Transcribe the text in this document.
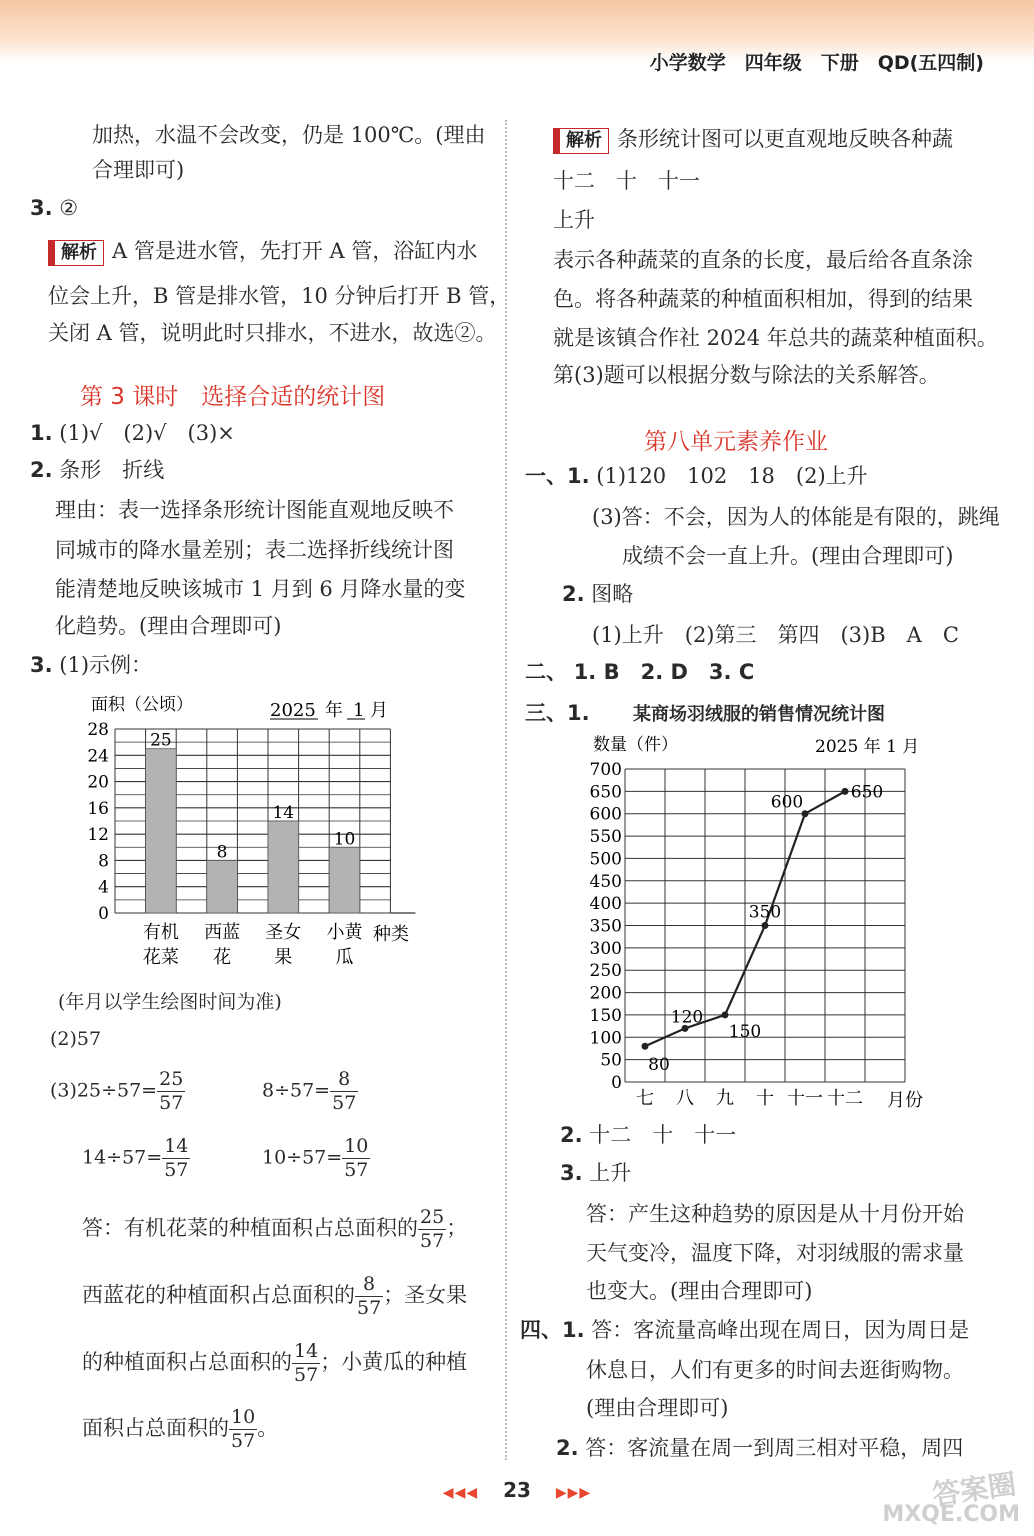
小学数学　四年级　下册　QD(五四制)
加热，水温不会改变，仍是 100℃。(理由
合理即可)
3. ②
解析 A 管是进水管，先打开 A 管，浴缸内水
位会上升，B 管是排水管，10 分钟后打开 B 管，
关闭 A 管，说明此时只排水，不进水，故选②。
第 3 课时　选择合适的统计图
1. (1)√　(2)√　(3)×
2. 条形　折线
理由：表一选择条形统计图能直观地反映不
同城市的降水量差别；表二选择折线统计图
能清楚地反映该城市 1 月到 6 月降水量的变
化趋势。(理由合理即可)
3. (1)示例：
0
4
8
12
16
20
24
28
25
有机
花菜
8
西蓝
花
14
圣女
果
10
小黄
瓜
面积（公顷）	2025 年 1 月
种类
(年月以学生绘图时间为准)
(2)57
$(3)25\div 57= \frac{25}{57}$	$8\div 57= \frac{8}{57}$
$14\div 57= \frac{14}{57}$	$10\div 57= \frac{10}{57}$
答：有机花菜的种植面积占总面积的 $\frac{25}{57}$ ；
西蓝花的种植面积占总面积的 $\frac{8}{57}$ ；圣女果
的种植面积占总面积的 $\frac{14}{57}$ ；小黄瓜的种植
面积占总面积的 $\frac{10}{57}$ 。
解析 条形统计图可以更直观地反映各种蔬
十二　十　十一
上升
表示各种蔬菜的直条的长度，最后给各直条涂
色。将各种蔬菜的种植面积相加，得到的结果
就是该镇合作社 2024 年总共的蔬菜种植面积。
第(3)题可以根据分数与除法的关系解答。
第八单元素养作业
一、1. (1)120　102　18　(2)上升
(3)答：不会，因为人的体能是有限的，跳绳
成绩不会一直上升。(理由合理即可)
2. 图略
(1)上升　(2)第三　第四　(3)B　A　C
二、 1. B　2. D　3. C
三、1. 某商场羽绒服的销售情况统计图
0
50
100
150
200
250
300
350
400
450
500
550
600
650
700
80
七
120
八
150
九
350
十
600
十一
650
十二
数量（件）	2025 年 1 月
月份
2. 十二　十　十一
3. 上升
答：产生这种趋势的原因是从十月份开始
天气变冷，温度下降，对羽绒服的需求量
也变大。(理由合理即可)
四、1. 答：客流量高峰出现在周日，因为周日是
休息日，人们有更多的时间去逛街购物。
(理由合理即可)
2. 答：客流量在周一到周三相对平稳，周四
◀◀◀ 23 ▶▶▶	答案圈
MXQE.COM
